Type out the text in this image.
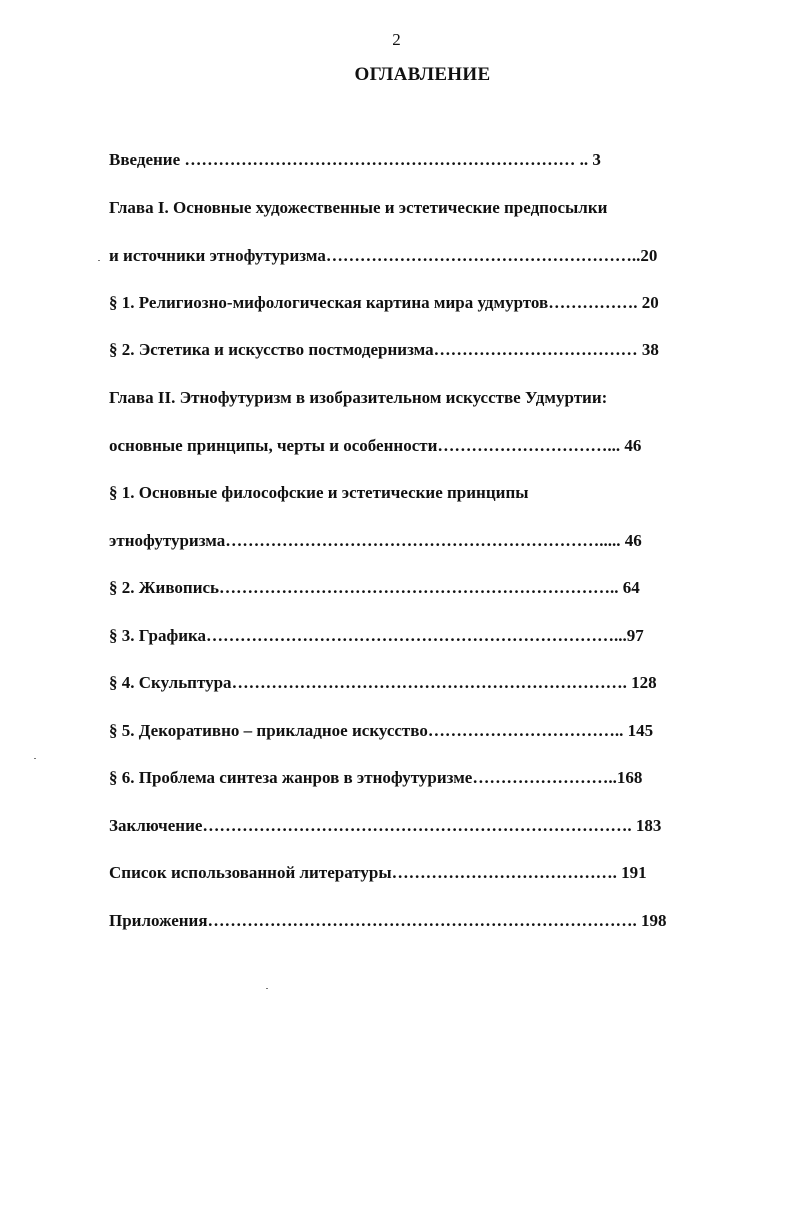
2
ОГЛАВЛЕНИЕ
Введение …………………………………………………………… .. 3
Глава I. Основные художественные и эстетические предпосылки
и источники этнофутуризма………………………………………………..20
§ 1. Религиозно-мифологическая картина мира удмуртов……………. 20
§ 2. Эстетика и искусство постмодернизма……………………………… 38
Глава II. Этнофутуризм в изобразительном искусстве Удмуртии:
основные принципы, черты и особенности…………………………... 46
§ 1. Основные философские и эстетические принципы
этнофутуризма…………………………………………………………..... 46
§ 2. Живопись…………………………………………………………….. 64
§ 3. Графика………………………………………………………………...97
§ 4. Скульптура……………………………………………………………. 128
§ 5. Декоративно – прикладное искусство…………………………….. 145
§ 6. Проблема синтеза жанров в этнофутуризме……………………..168
Заключение…………………………………………………………………. 183
Список использованной литературы…………………………………. 191
Приложения…………………………………………………………………. 198
